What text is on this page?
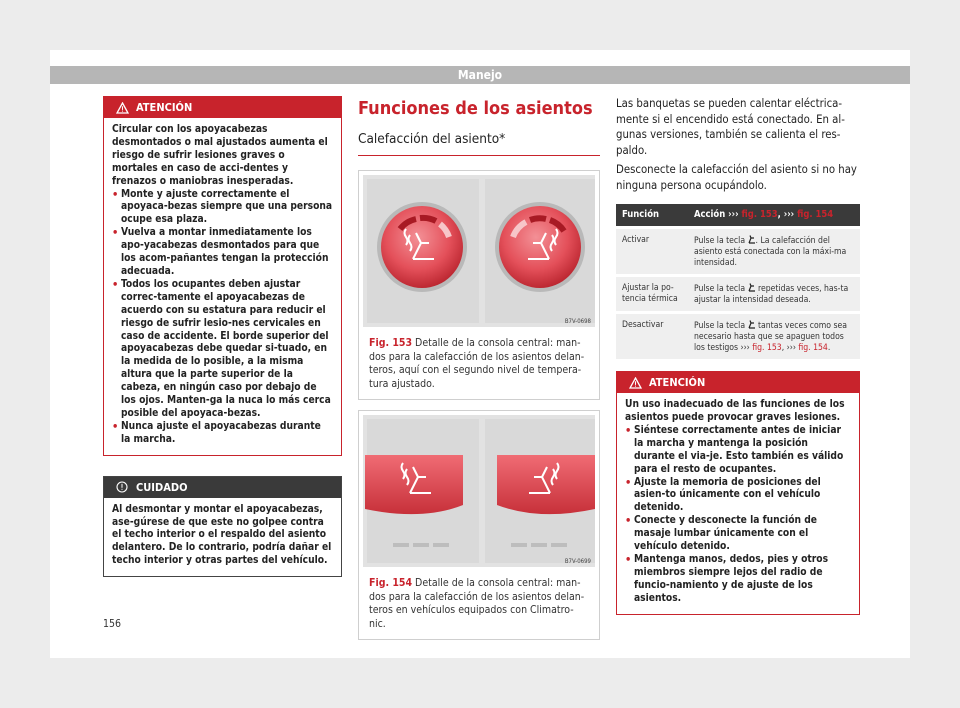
Manejo
ATENCIÓN

Circular con los apoyacabezas desmontados o mal ajustados aumenta el riesgo de sufrir lesiones graves o mortales en caso de acci-dentes y frenazos o maniobras inesperadas.

• Monte y ajuste correctamente el apoyaca-bezas siempre que una persona ocupe esa plaza.
• Vuelva a montar inmediatamente los apo-yacabezas desmontados para que los acom-pañantes tengan la protección adecuada.
• Todos los ocupantes deben ajustar correc-tamente el apoyacabezas de acuerdo con su estatura para reducir el riesgo de sufrir lesio-nes cervicales en caso de accidente. El borde superior del apoyacabezas debe quedar si-tuado, en la medida de lo posible, a la misma altura que la parte superior de la cabeza, en ningún caso por debajo de los ojos. Manten-ga la nuca lo más cerca posible del apoyaca-bezas.
• Nunca ajuste el apoyacabezas durante la marcha.
CUIDADO
Al desmontar y montar el apoyacabezas, ase-gúrese de que este no golpee contra el techo interior o el respaldo del asiento delantero. De lo contrario, podría dañar el techo interior y otras partes del vehículo.
Funciones de los asientos
Calefacción del asiento*
B7V-0698
Fig. 153 Detalle de la consola central: man-dos para la calefacción de los asientos delan-teros, aquí con el segundo nivel de tempera-tura ajustado.
B7V-0699
Fig. 154 Detalle de la consola central: man-dos para la calefacción de los asientos delan-teros en vehículos equipados con Climatro-nic.

Las banquetas se pueden calentar eléctrica-mente si el encendido está conectado. En al-gunas versiones, también se calienta el res-paldo.

Desconecte la calefacción del asiento si no hay ninguna persona ocupándolo.

Función	Acción ››› fig. 153, ››› fig. 154
Activar	Pulse la tecla . La calefacción del asiento está conectada con la máxi-ma intensidad.
Ajustar la po-tencia térmica	Pulse la tecla repetidas veces, has-ta ajustar la intensidad deseada.
Desactivar	Pulse la tecla tantas veces como sea necesario hasta que se apaguen todos los testigos ››› fig. 153, ››› fig. 154.
ATENCIÓN

Un uso inadecuado de las funciones de los asientos puede provocar graves lesiones.

• Siéntese correctamente antes de iniciar la marcha y mantenga la posición durante el via-je. Esto también es válido para el resto de ocupantes.
• Ajuste la memoria de posiciones del asien-to únicamente con el vehículo detenido.
• Conecte y desconecte la función de masaje lumbar únicamente con el vehículo detenido.
• Mantenga manos, dedos, pies y otros miembros siempre lejos del radio de funcio-namiento y de ajuste de los asientos.
156
